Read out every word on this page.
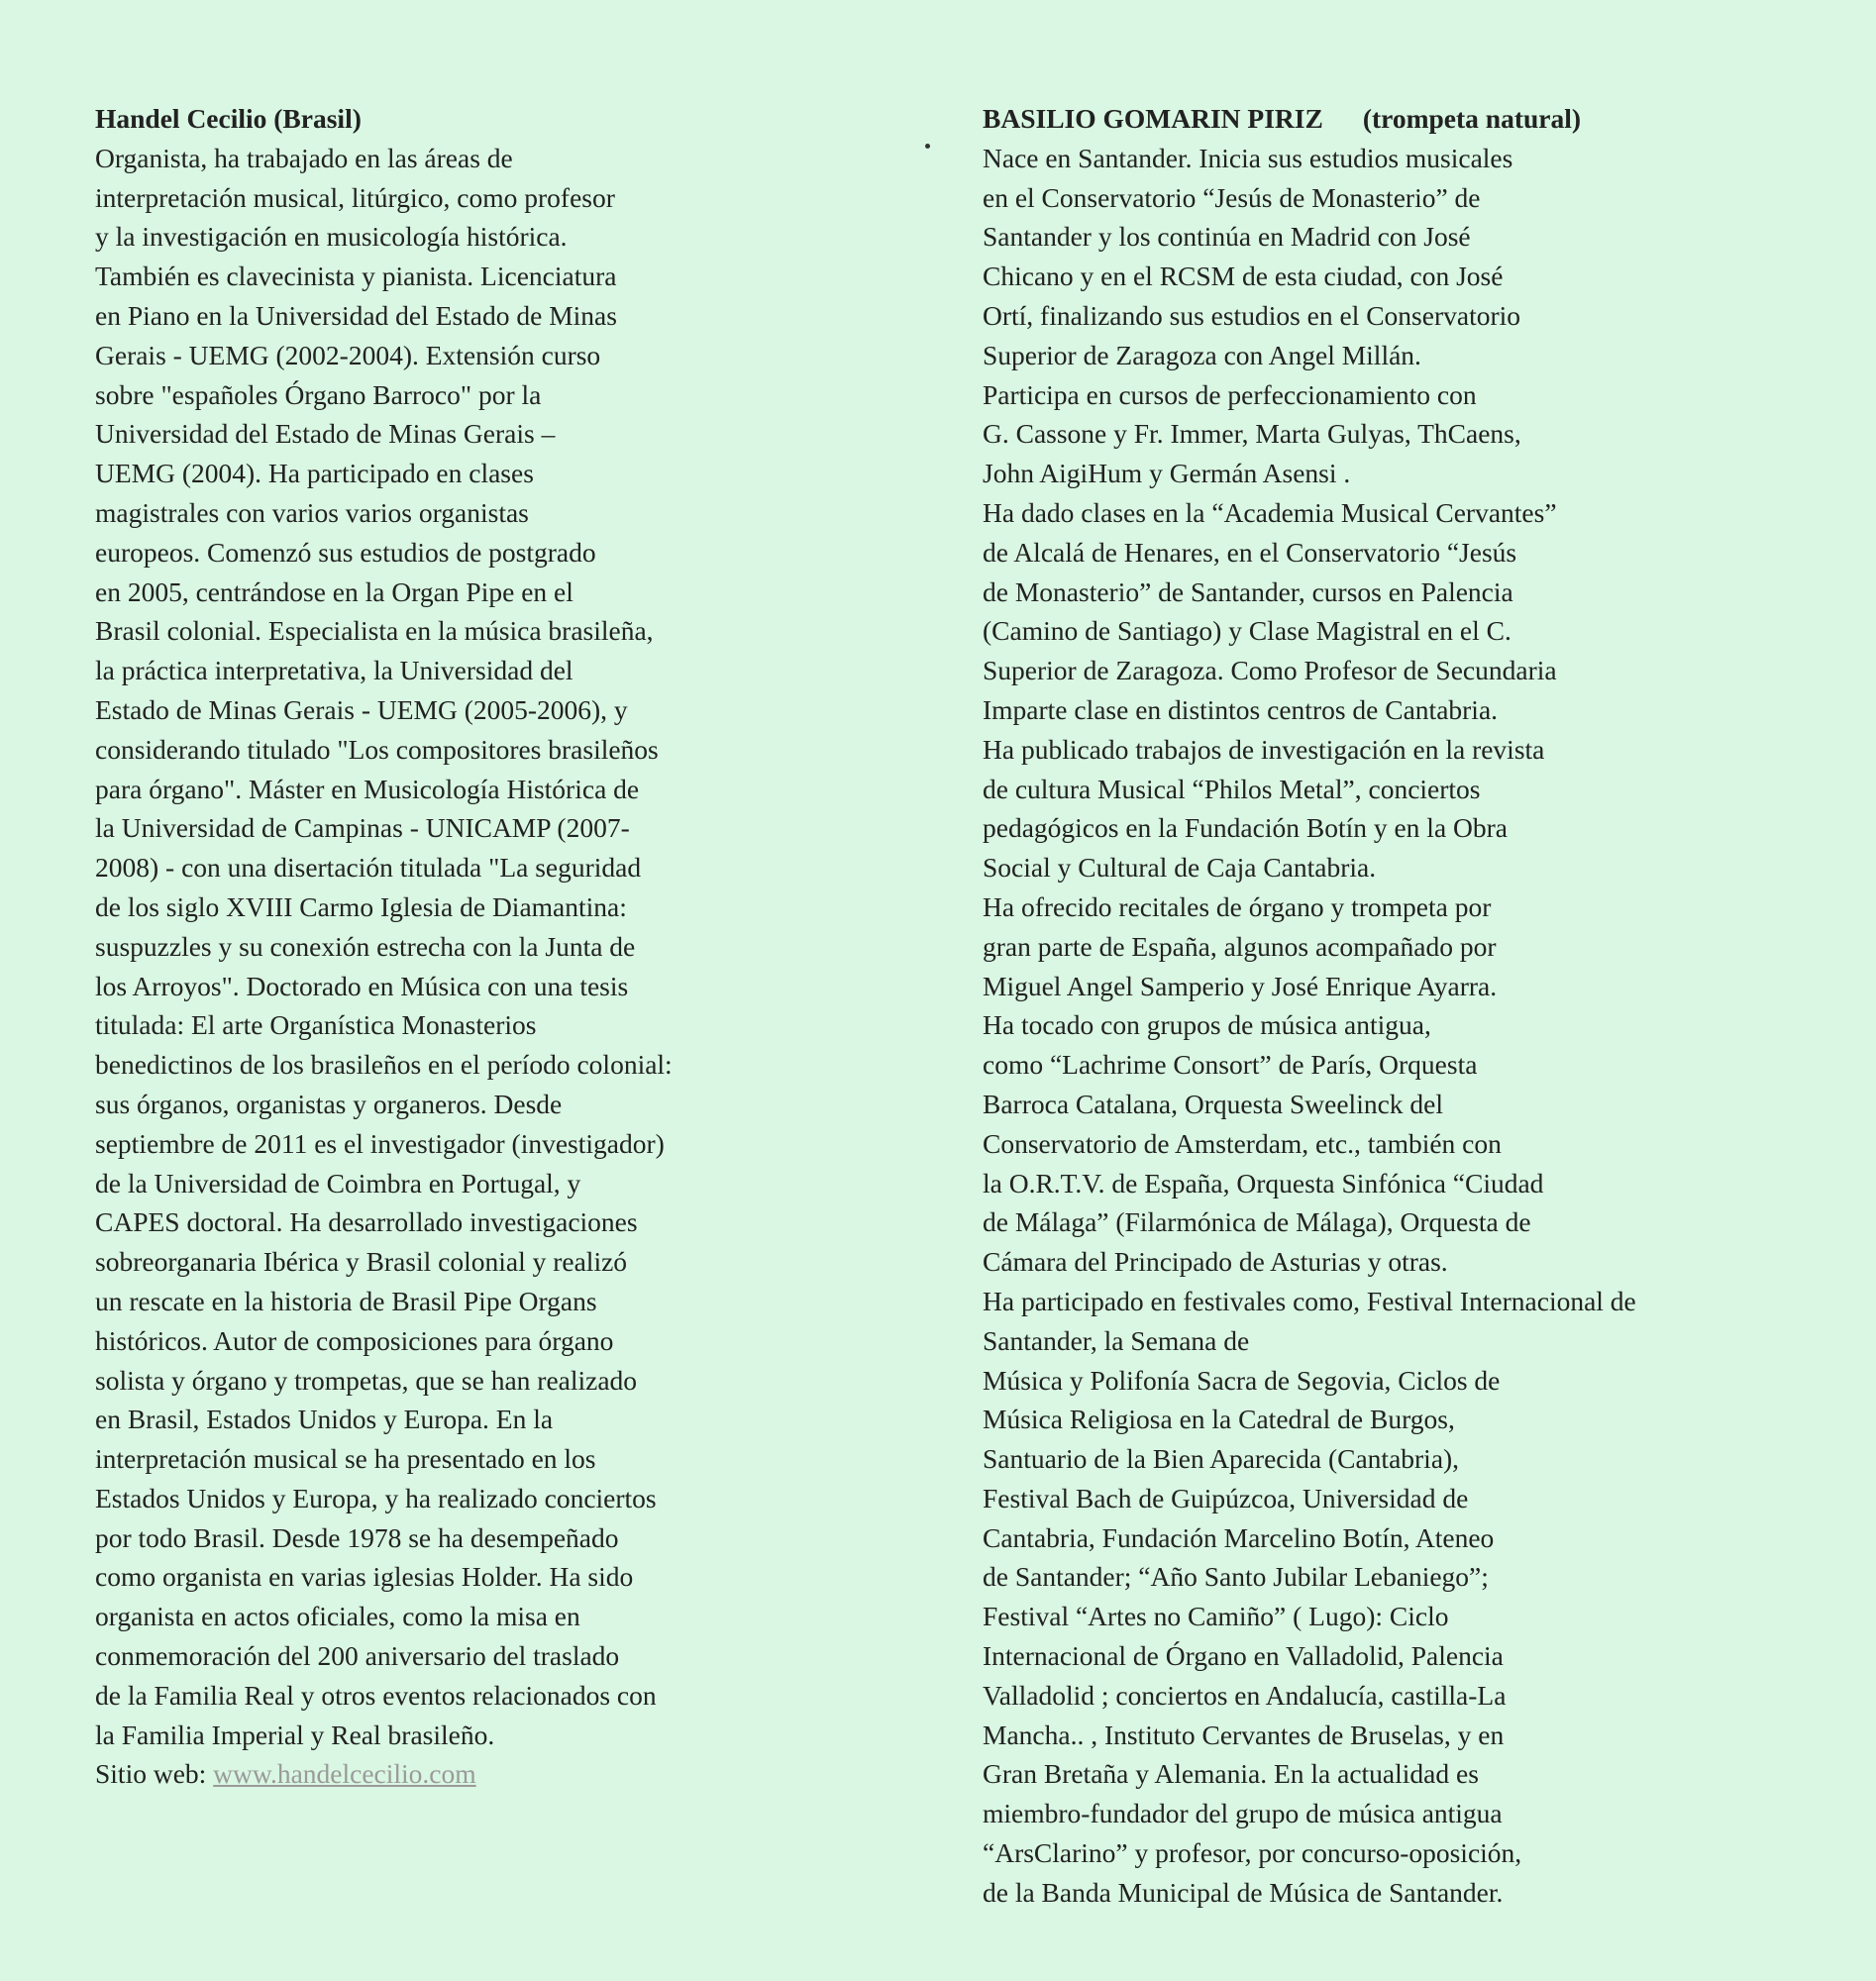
Handel Cecilio (Brasil)
Organista, ha trabajado en las áreas de
interpretación musical, litúrgico, como profesor
y la investigación en musicología histórica.
También es clavecinista y pianista. Licenciatura
en Piano en la Universidad del Estado de Minas
Gerais - UEMG (2002-2004). Extensión curso
sobre "españoles Órgano Barroco" por la
Universidad del Estado de Minas Gerais –
UEMG (2004). Ha participado en clases
magistrales con varios varios organistas
europeos. Comenzó sus estudios de postgrado
en 2005, centrándose en la Organ Pipe en el
Brasil colonial. Especialista en la música brasileña,
la práctica interpretativa, la Universidad del
Estado de Minas Gerais - UEMG (2005-2006), y
considerando titulado "Los compositores brasileños
para órgano". Máster en Musicología Histórica de
la Universidad de Campinas - UNICAMP (2007-
2008) - con una disertación titulada "La seguridad
de los siglo XVIII Carmo Iglesia de Diamantina:
suspuzzles y su conexión estrecha con la Junta de
los Arroyos". Doctorado en Música con una tesis
titulada: El arte Organística Monasterios
benedictinos de los brasileños en el período colonial:
sus órganos, organistas y organeros. Desde
septiembre de 2011 es el investigador (investigador)
de la Universidad de Coimbra en Portugal, y
CAPES doctoral. Ha desarrollado investigaciones
sobreorganaria Ibérica y Brasil colonial y realizó
un rescate en la historia de Brasil Pipe Organs
históricos. Autor de composiciones para órgano
solista y órgano y trompetas, que se han realizado
en Brasil, Estados Unidos y Europa. En la
interpretación musical se ha presentado en los
Estados Unidos y Europa, y ha realizado conciertos
por todo Brasil. Desde 1978 se ha desempeñado
como organista en varias iglesias Holder. Ha sido
organista en actos oficiales, como la misa en
conmemoración del 200 aniversario del traslado
de la Familia Real y otros eventos relacionados con
la Familia Imperial y Real brasileño.
Sitio web: www.handelcecilio.com
BASILIO GOMARIN PIRIZ (trompeta natural)
Nace en Santander. Inicia sus estudios musicales
en el Conservatorio “Jesús de Monasterio” de
Santander y los continúa en Madrid con José
Chicano y en el RCSM de esta ciudad, con José
Ortí, finalizando sus estudios en el Conservatorio
Superior de Zaragoza con Angel Millán.
Participa en cursos de perfeccionamiento con
G. Cassone y Fr. Immer, Marta Gulyas, ThCaens,
John AigiHum y Germán Asensi .
Ha dado clases en la “Academia Musical Cervantes”
de Alcalá de Henares, en el Conservatorio “Jesús
de Monasterio” de Santander, cursos en Palencia
(Camino de Santiago) y Clase Magistral en el C.
Superior de Zaragoza. Como Profesor de Secundaria
Imparte clase en distintos centros de Cantabria.
Ha publicado trabajos de investigación en la revista
de cultura Musical “Philos Metal”, conciertos
pedagógicos en la Fundación Botín y en la Obra
Social y Cultural de Caja Cantabria.
Ha ofrecido recitales de órgano y trompeta por
gran parte de España, algunos acompañado por
Miguel Angel Samperio y José Enrique Ayarra.
Ha tocado con grupos de música antigua,
como “Lachrime Consort” de París, Orquesta
Barroca Catalana, Orquesta Sweelinck del
Conservatorio de Amsterdam, etc., también con
la O.R.T.V. de España, Orquesta Sinfónica “Ciudad
de Málaga” (Filarmónica de Málaga), Orquesta de
Cámara del Principado de Asturias y otras.
Ha participado en festivales como, Festival Internacional de
Santander, la Semana de
Música y Polifonía Sacra de Segovia, Ciclos de
Música Religiosa en la Catedral de Burgos,
Santuario de la Bien Aparecida (Cantabria),
Festival Bach de Guipúzcoa, Universidad de
Cantabria, Fundación Marcelino Botín, Ateneo
de Santander; “Año Santo Jubilar Lebaniego”;
Festival “Artes no Camiño” ( Lugo): Ciclo
Internacional de Órgano en Valladolid, Palencia
Valladolid ; conciertos en Andalucía, castilla-La
Mancha.. , Instituto Cervantes de Bruselas, y en
Gran Bretaña y Alemania. En la actualidad es
miembro-fundador del grupo de música antigua
“ArsClarino” y profesor, por concurso-oposición,
de la Banda Municipal de Música de Santander.
